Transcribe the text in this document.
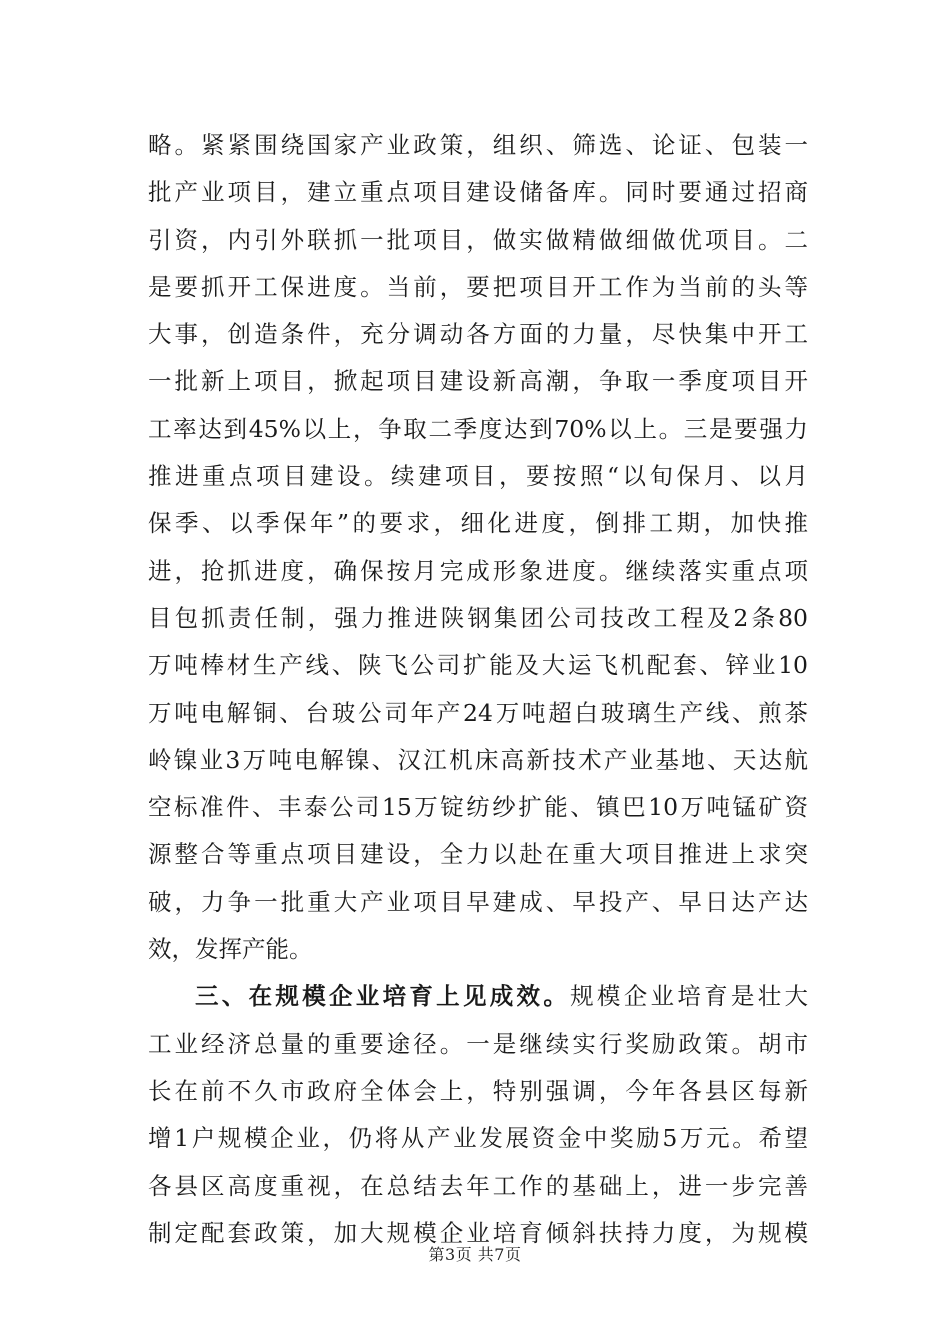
略。紧紧围绕国家产业政策，组织、筛选、论证、包装一
批产业项目，建立重点项目建设储备库。同时要通过招商
引资，内引外联抓一批项目，做实做精做细做优项目。二
是要抓开工保进度。当前，要把项目开工作为当前的头等
大事，创造条件，充分调动各方面的力量，尽快集中开工
一批新上项目，掀起项目建设新高潮，争取一季度项目开
工率达到45%以上，争取二季度达到70%以上。三是要强力
推进重点项目建设。续建项目，要按照“以旬保月、以月
保季、以季保年”的要求，细化进度，倒排工期，加快推
进，抢抓进度，确保按月完成形象进度。继续落实重点项
目包抓责任制，强力推进陕钢集团公司技改工程及2条80
万吨棒材生产线、陕飞公司扩能及大运飞机配套、锌业10
万吨电解铜、台玻公司年产24万吨超白玻璃生产线、煎茶
岭镍业3万吨电解镍、汉江机床高新技术产业基地、天达航
空标准件、丰泰公司15万锭纺纱扩能、镇巴10万吨锰矿资
源整合等重点项目建设，全力以赴在重大项目推进上求突
破，力争一批重大产业项目早建成、早投产、早日达产达
效，发挥产能。
三、在规模企业培育上见成效。规模企业培育是壮大
工业经济总量的重要途径。一是继续实行奖励政策。胡市
长在前不久市政府全体会上，特别强调，今年各县区每新
增1户规模企业，仍将从产业发展资金中奖励5万元。希望
各县区高度重视，在总结去年工作的基础上，进一步完善
制定配套政策，加大规模企业培育倾斜扶持力度，为规模
第3页 共7页
